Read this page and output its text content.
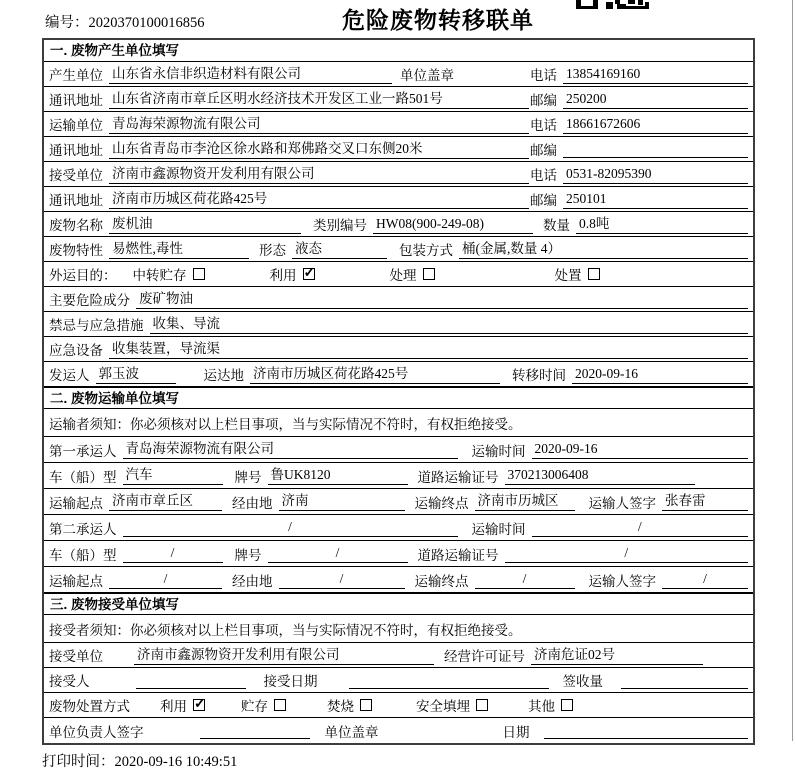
编号：2020370100016856	危险废物转移联单
一. 废物产生单位填写
产生单位 山东省永信非织造材料有限公司	单位盖章	电话 13854169160
通讯地址 山东省济南市章丘区明水经济技术开发区工业一路501号	邮编 250200
运输单位 青岛海荣源物流有限公司	电话 18661672606
通讯地址 山东省青岛市李沧区徐水路和郑佛路交叉口东侧20米	邮编
接受单位 济南市鑫源物资开发利用有限公司	电话 0531-82095390
通讯地址 济南市历城区荷花路425号	邮编 250101
废物名称 废机油	类别编号 HW08(900-249-08)	数量 0.8吨
废物特性 易燃性,毒性	形态 液态	包装方式 桶(金属,数量 4）
外运目的： 中转贮存	利用 ✓	处理	处置
主要危险成分 废矿物油
禁忌与应急措施 收集、导流
应急设备 收集装置，导流渠
发运人 郭玉波	运达地 济南市历城区荷花路425号	转移时间 2020-09-16
二. 废物运输单位填写
运输者须知：你必须核对以上栏目事项，当与实际情况不符时，有权拒绝接受。
第一承运人 青岛海荣源物流有限公司	运输时间 2020-09-16
车（船）型 汽车	牌号 鲁UK8120	道路运输证号 370213006408
运输起点 济南市章丘区	经由地 济南	运输终点 济南市历城区	运输人签字 张春雷
第二承运人	/	运输时间	/
车（船）型	/	牌号	/	道路运输证号	/
运输起点	/	经由地	/	运输终点	/	运输人签字	/
三. 废物接受单位填写
接受者须知：你必须核对以上栏目事项，当与实际情况不符时，有权拒绝接受。
接受单位	济南市鑫源物资开发利用有限公司	经营许可证号 济南危证02号
接受人	接受日期	签收量
废物处置方式 利用 ✓	贮存	焚烧	安全填埋	其他
单位负责人签字	单位盖章	日期
打印时间：2020-09-16 10:49:51
